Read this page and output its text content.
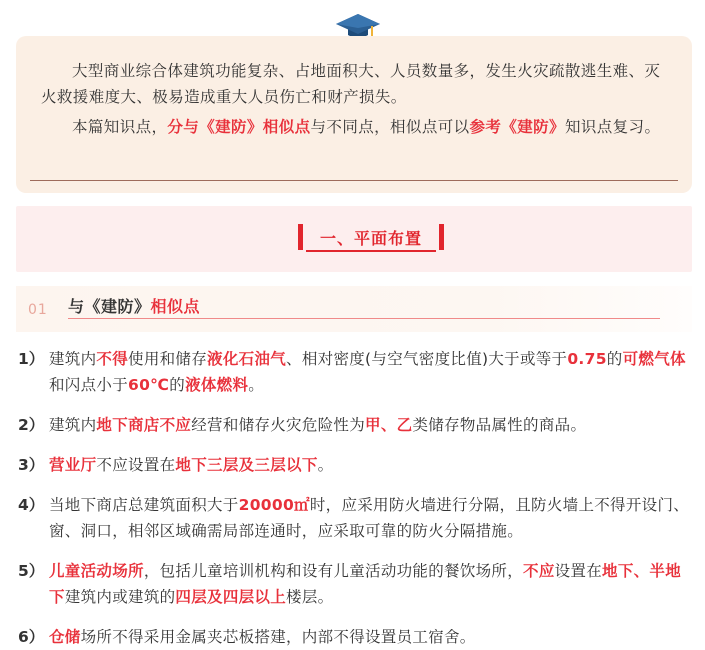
大型商业综合体建筑功能复杂、占地面积大、人员数量多，发生火灾疏散逃生难、灭火救援难度大、极易造成重大人员伤亡和财产损失。

本篇知识点，分与《建防》相似点与不同点，相似点可以参考《建防》知识点复习。

一、平面布置
01 与《建防》相似点
1） 建筑内不得使用和储存液化石油气、相对密度(与空气密度比值)大于或等于0.75的可燃气体和闪点小于60℃的液体燃料。
2） 建筑内地下商店不应经营和储存火灾危险性为甲、乙类储存物品属性的商品。
3） 营业厅不应设置在地下三层及三层以下。
4） 当地下商店总建筑面积大于20000㎡时，应采用防火墙进行分隔，且防火墙上不得开设门、窗、洞口，相邻区域确需局部连通时，应采取可靠的防火分隔措施。
5） 儿童活动场所，包括儿童培训机构和设有儿童活动功能的餐饮场所，不应设置在地下、半地下建筑内或建筑的四层及四层以上楼层。
6） 仓储场所不得采用金属夹芯板搭建，内部不得设置员工宿舍。
